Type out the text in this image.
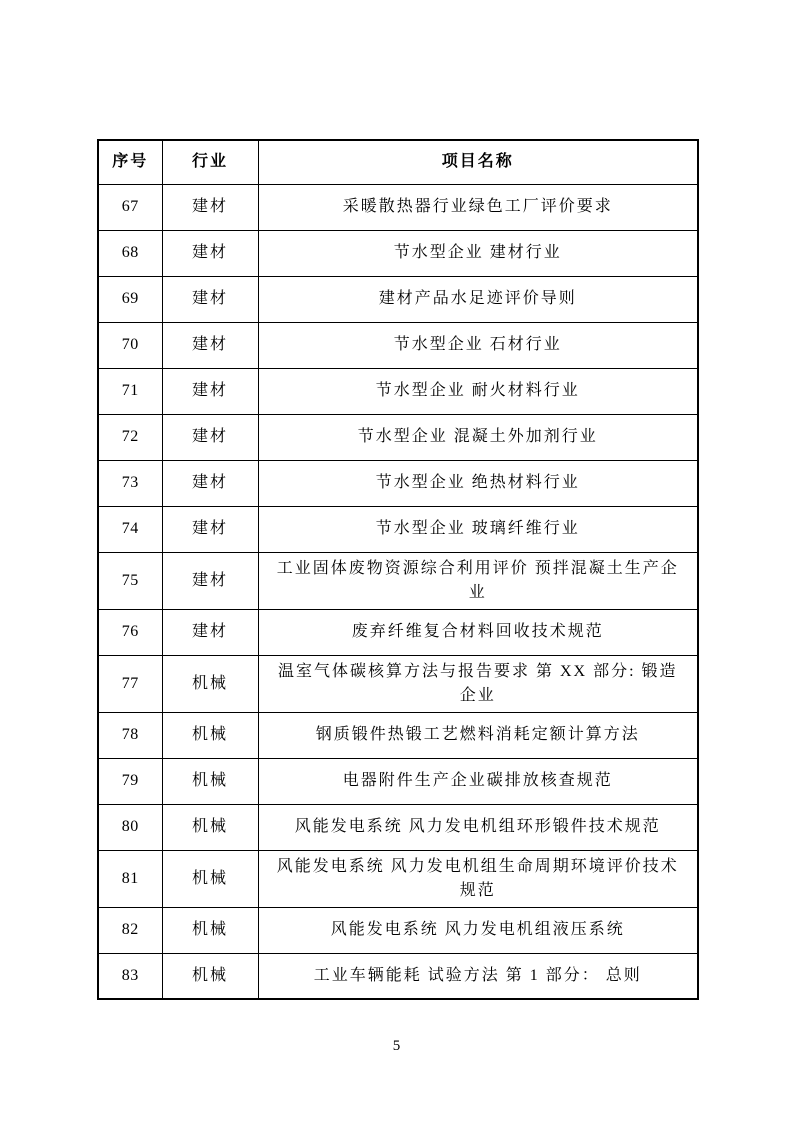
序号	行业	项目名称
67	建材	采暖散热器行业绿色工厂评价要求
68	建材	节水型企业 建材行业
69	建材	建材产品水足迹评价导则
70	建材	节水型企业 石材行业
71	建材	节水型企业 耐火材料行业
72	建材	节水型企业 混凝土外加剂行业
73	建材	节水型企业 绝热材料行业
74	建材	节水型企业 玻璃纤维行业
75	建材	工业固体废物资源综合利用评价 预拌混凝土生产企业
76	建材	废弃纤维复合材料回收技术规范
77	机械	温室气体碳核算方法与报告要求 第 XX 部分: 锻造企业
78	机械	钢质锻件热锻工艺燃料消耗定额计算方法
79	机械	电器附件生产企业碳排放核查规范
80	机械	风能发电系统 风力发电机组环形锻件技术规范
81	机械	风能发电系统 风力发电机组生命周期环境评价技术规范
82	机械	风能发电系统 风力发电机组液压系统
83	机械	工业车辆能耗 试验方法 第 1 部分： 总则
5
